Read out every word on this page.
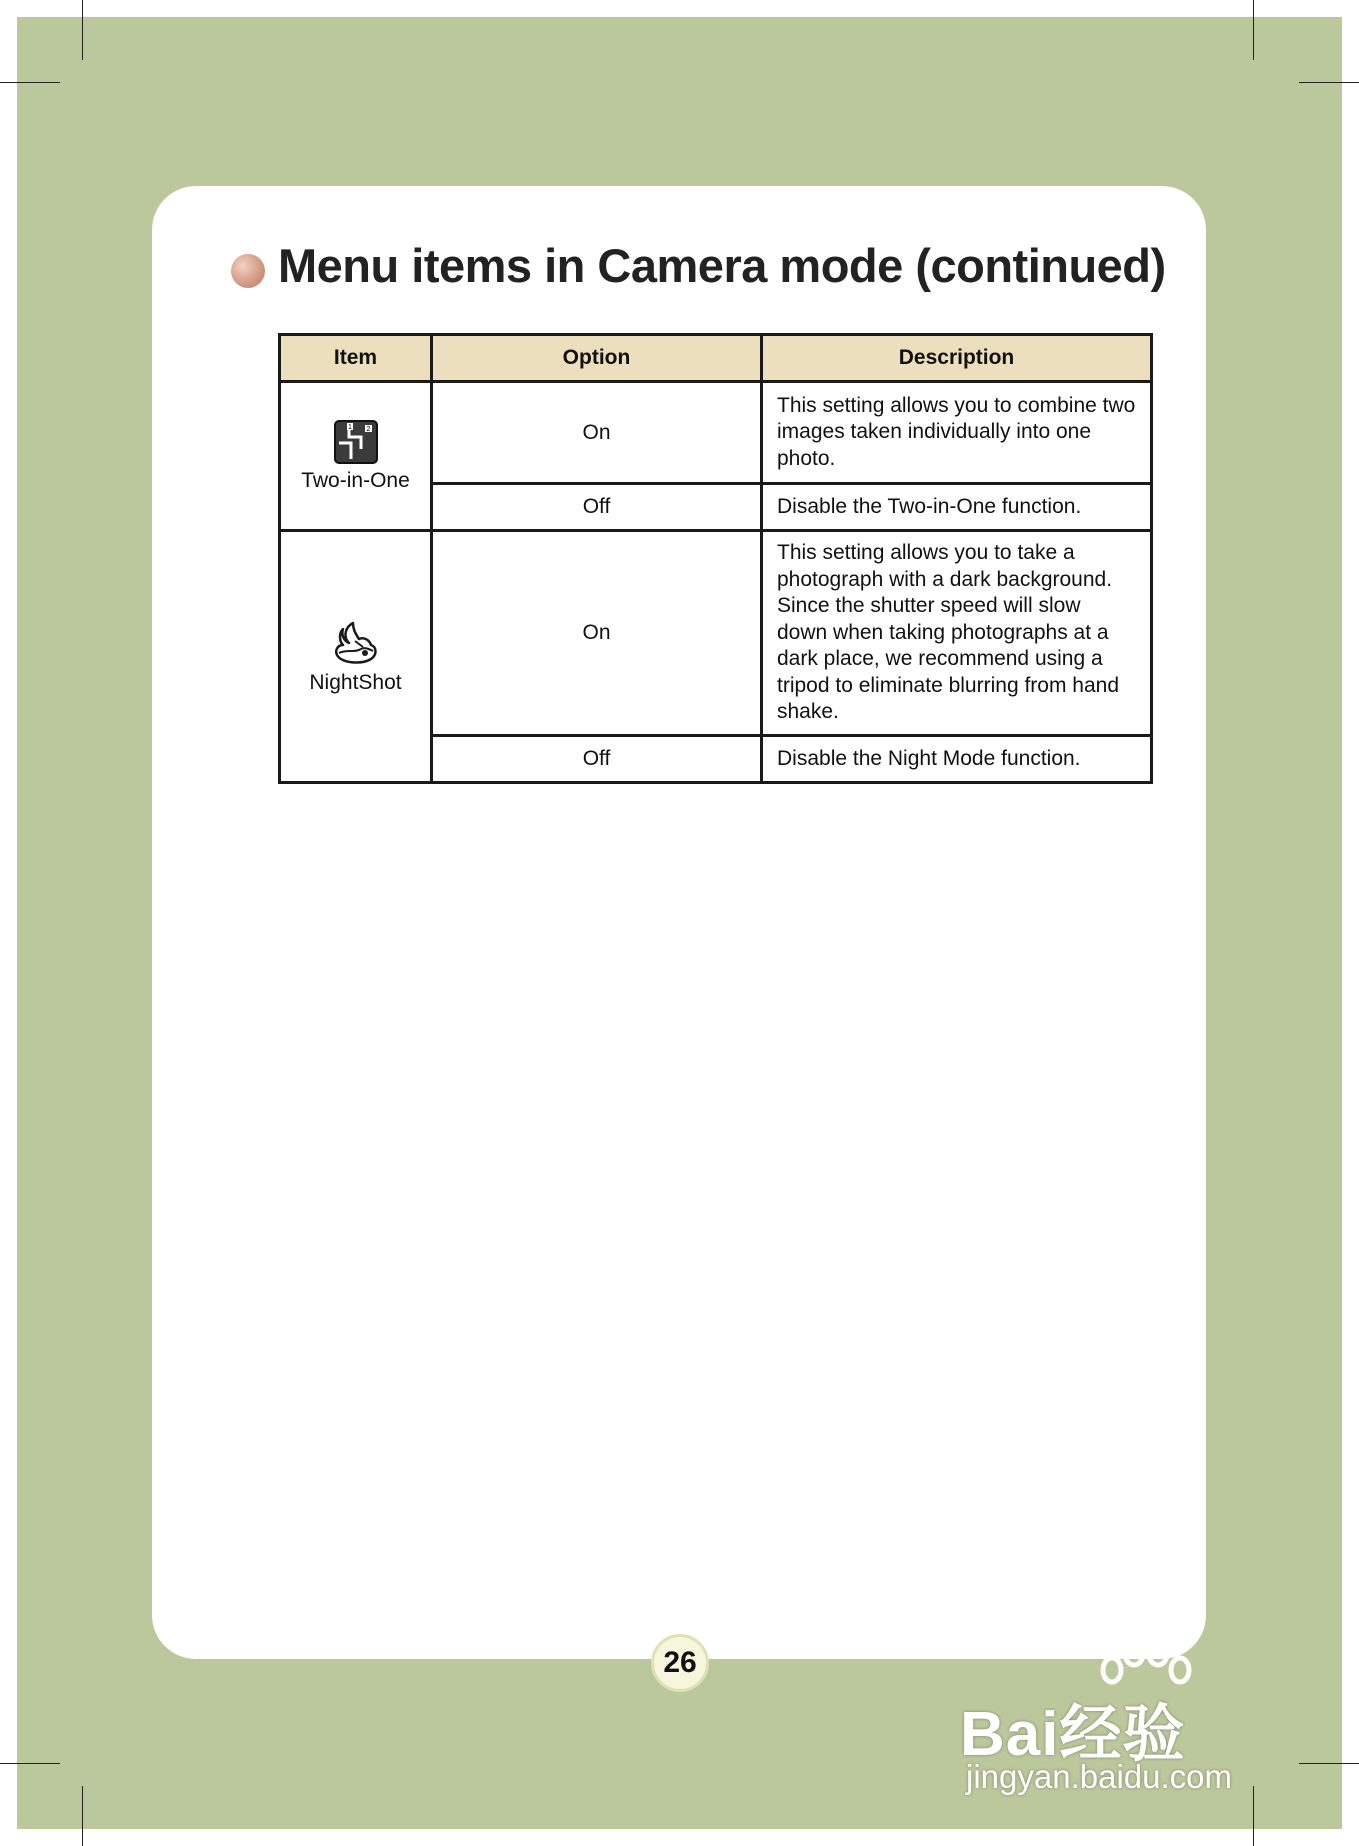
Menu items in Camera mode (continued)
Item	Option	Description

1 2
Two-in-One	On	This setting allows you to combine two images taken individually into one photo.
	Off	Disable the Two-in-One function.

NightShot	On	This setting allows you to take a photograph with a dark background. Since the shutter speed will slow down when taking photographs at a dark place, we recommend using a tripod to eliminate blurring from hand shake.
	Off	Disable the Night Mode function.
26
Bai经验
jingyan.baidu.com
